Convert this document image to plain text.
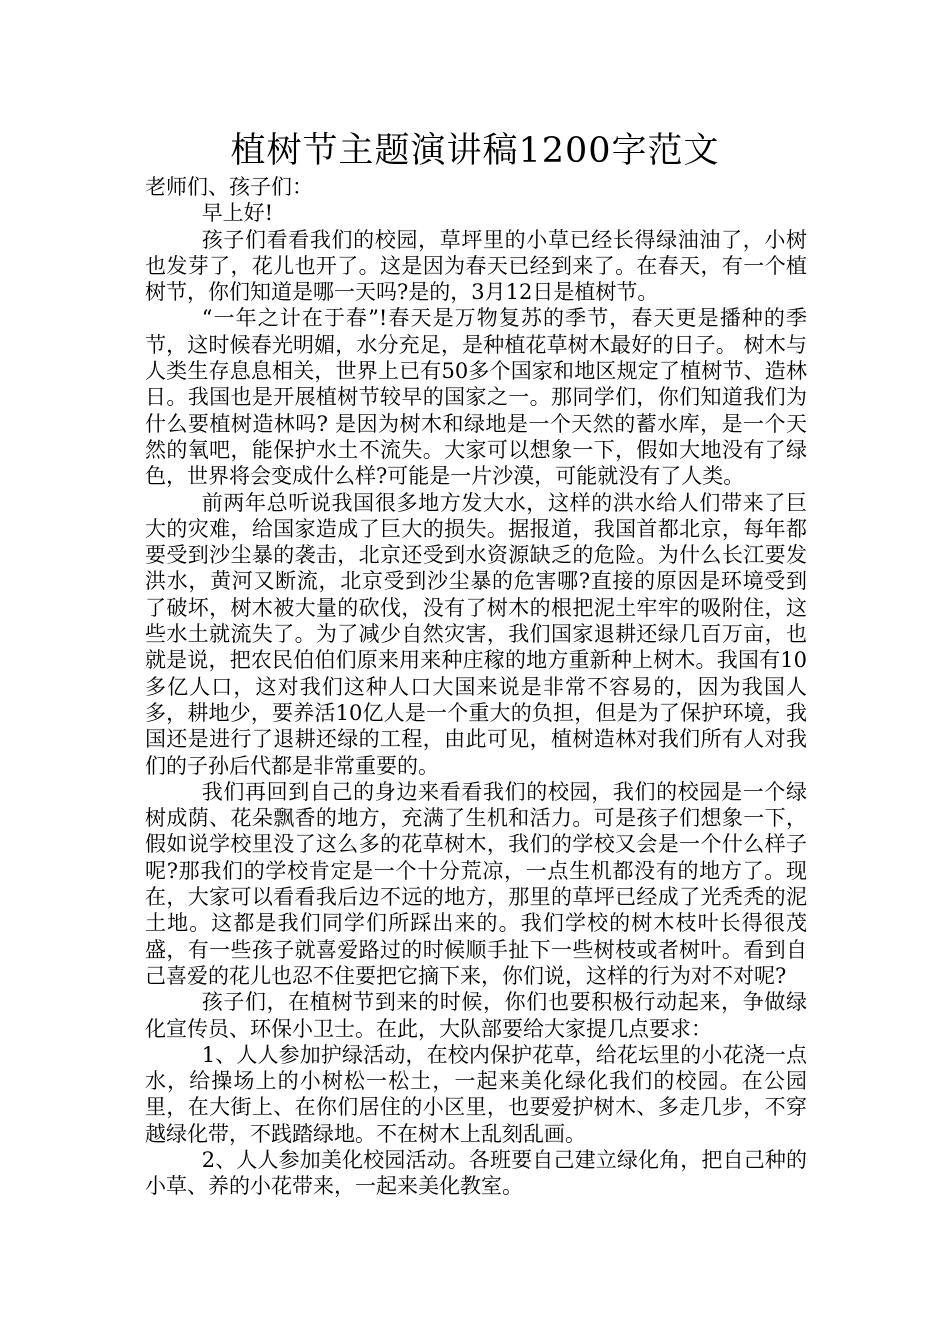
植树节主题演讲稿1200字范文

老师们、孩子们：

早上好!

孩子们看看我们的校园，草坪里的小草已经长得绿油油了，小树也发芽了，花儿也开了。这是因为春天已经到来了。在春天，有一个植树节，你们知道是哪一天吗?是的，3月12日是植树节。

“一年之计在于春”!春天是万物复苏的季节，春天更是播种的季节，这时候春光明媚，水分充足，是种植花草树木最好的日子。 树木与人类生存息息相关，世界上已有50多个国家和地区规定了植树节、造林日。我国也是开展植树节较早的国家之一。那同学们，你们知道我们为什么要植树造林吗? 是因为树木和绿地是一个天然的蓄水库，是一个天然的氧吧，能保护水土不流失。大家可以想象一下，假如大地没有了绿色，世界将会变成什么样?可能是一片沙漠，可能就没有了人类。

前两年总听说我国很多地方发大水，这样的洪水给人们带来了巨大的灾难，给国家造成了巨大的损失。据报道，我国首都北京，每年都要受到沙尘暴的袭击，北京还受到水资源缺乏的危险。为什么长江要发洪水，黄河又断流，北京受到沙尘暴的危害哪?直接的原因是环境受到了破坏，树木被大量的砍伐，没有了树木的根把泥土牢牢的吸附住，这些水土就流失了。为了减少自然灾害，我们国家退耕还绿几百万亩，也就是说，把农民伯伯们原来用来种庄稼的地方重新种上树木。我国有10多亿人口，这对我们这种人口大国来说是非常不容易的，因为我国人多，耕地少，要养活10亿人是一个重大的负担，但是为了保护环境，我国还是进行了退耕还绿的工程，由此可见，植树造林对我们所有人对我们的子孙后代都是非常重要的。

我们再回到自己的身边来看看我们的校园，我们的校园是一个绿树成荫、花朵飘香的地方，充满了生机和活力。可是孩子们想象一下，假如说学校里没了这么多的花草树木，我们的学校又会是一个什么样子呢?那我们的学校肯定是一个十分荒凉，一点生机都没有的地方了。现在，大家可以看看我后边不远的地方，那里的草坪已经成了光秃秃的泥土地。这都是我们同学们所踩出来的。我们学校的树木枝叶长得很茂盛，有一些孩子就喜爱路过的时候顺手扯下一些树枝或者树叶。看到自己喜爱的花儿也忍不住要把它摘下来，你们说，这样的行为对不对呢?

孩子们，在植树节到来的时候，你们也要积极行动起来，争做绿化宣传员、环保小卫士。在此，大队部要给大家提几点要求：

1、人人参加护绿活动，在校内保护花草，给花坛里的小花浇一点水，给操场上的小树松一松土，一起来美化绿化我们的校园。在公园里，在大街上、在你们居住的小区里，也要爱护树木、多走几步，不穿越绿化带，不践踏绿地。不在树木上乱刻乱画。

2、人人参加美化校园活动。各班要自己建立绿化角，把自己种的小草、养的小花带来，一起来美化教室。
